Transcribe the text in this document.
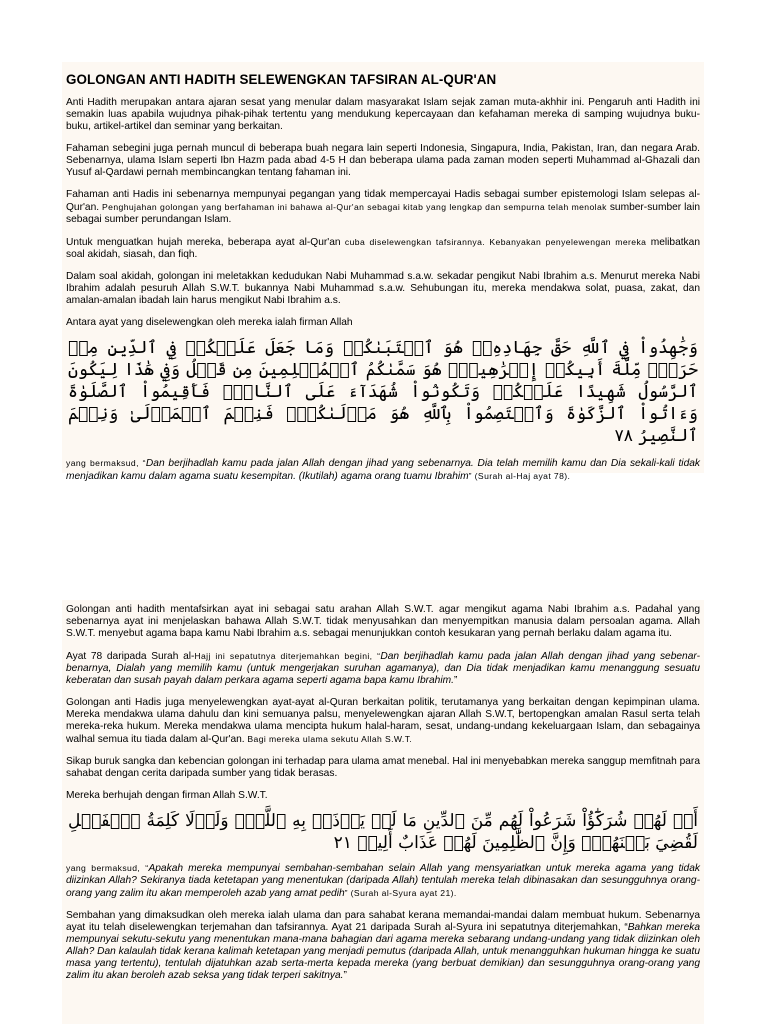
GOLONGAN ANTI HADITH SELEWENGKAN TAFSIRAN AL-QUR'AN

Anti Hadith merupakan antara ajaran sesat yang menular dalam masyarakat Islam sejak zaman muta-akhhir ini. Pengaruh anti Hadith ini semakin luas apabila wujudnya pihak-pihak tertentu yang mendukung kepercayaan dan kefahaman mereka di samping wujudnya buku-buku, artikel-artikel dan seminar yang berkaitan.

Fahaman sebegini juga pernah muncul di beberapa buah negara lain seperti Indonesia, Singapura, India, Pakistan, Iran, dan negara Arab. Sebenarnya, ulama Islam seperti Ibn Hazm pada abad 4-5 H dan beberapa ulama pada zaman moden seperti Muhammad al-Ghazali dan Yusuf al-Qardawi pernah membincangkan tentang fahaman ini.

Fahaman anti Hadis ini sebenarnya mempunyai pegangan yang tidak mempercayai Hadis sebagai sumber epistemologi Islam selepas al-Qur'an. Penghujahan golongan yang berfahaman ini bahawa al-Qur'an sebagai kitab yang lengkap dan sempurna telah menolak sumber-sumber lain sebagai sumber perundangan Islam.

Untuk menguatkan hujah mereka, beberapa ayat al-Qur'an cuba diselewengkan tafsirannya. Kebanyakan penyelewengan mereka melibatkan soal akidah, siasah, dan fiqh.

Dalam soal akidah, golongan ini meletakkan kedudukan Nabi Muhammad s.a.w. sekadar pengikut Nabi Ibrahim a.s. Menurut mereka Nabi Ibrahim adalah pesuruh Allah S.W.T. bukannya Nabi Muhammad s.a.w. Sehubungan itu, mereka mendakwa solat, puasa, zakat, dan amalan-amalan ibadah lain harus mengikut Nabi Ibrahim a.s.

Antara ayat yang diselewengkan oleh mereka ialah firman Allah

وَجَٰهِدُواْ فِي ٱللَّهِ حَقَّ جِهَادِهِۦۚ هُوَ ٱجۡتَبَىٰكُمۡ وَمَا جَعَلَ عَلَيۡكُمۡ فِي ٱلدِّينِ مِنۡ حَرَجٖۚ مِّلَّةَ أَبِيكُمۡ إِبۡرَٰهِيمَۚ هُوَ سَمَّىٰكُمُ ٱلۡمُسۡلِمِينَ مِن قَبۡلُ وَفِي هَٰذَا لِيَكُونَ ٱلرَّسُولُ شَهِيدًا عَلَيۡكُمۡ وَتَكُونُواْ شُهَدَآءَ عَلَى ٱلنَّاسِۚ فَأَقِيمُواْ ٱلصَّلَوٰةَ وَءَاتُواْ ٱلزَّكَوٰةَ وَٱعۡتَصِمُواْ بِٱللَّهِ هُوَ مَوۡلَىٰكُمۡۖ فَنِعۡمَ ٱلۡمَوۡلَىٰ وَنِعۡمَ ٱلنَّصِيرُ ٧٨

yang bermaksud, “Dan berjihadlah kamu pada jalan Allah dengan jihad yang sebenarnya. Dia telah memilih kamu dan Dia sekali-kali tidak menjadikan kamu dalam agama suatu kesempitan. (Ikutilah) agama orang tuamu Ibrahim” (Surah al-Haj ayat 78).

Golongan anti hadith mentafsirkan ayat ini sebagai satu arahan Allah S.W.T. agar mengikut agama Nabi Ibrahim a.s. Padahal yang sebenarnya ayat ini menjelaskan bahawa Allah S.W.T. tidak menyusahkan dan menyempitkan manusia dalam persoalan agama. Allah S.W.T. menyebut agama bapa kamu Nabi Ibrahim a.s. sebagai menunjukkan contoh kesukaran yang pernah berlaku dalam agama itu.

Ayat 78 daripada Surah al-Hajj ini sepatutnya diterjemahkan begini, “Dan berjihadlah kamu pada jalan Allah dengan jihad yang sebenar-benarnya, Dialah yang memilih kamu (untuk mengerjakan suruhan agamanya), dan Dia tidak menjadikan kamu menanggung sesuatu keberatan dan susah payah dalam perkara agama seperti agama bapa kamu Ibrahim.”

Golongan anti Hadis juga menyelewengkan ayat-ayat al-Quran berkaitan politik, terutamanya yang berkaitan dengan kepimpinan ulama. Mereka mendakwa ulama dahulu dan kini semuanya palsu, menyelewengkan ajaran Allah S.W.T, bertopengkan amalan Rasul serta telah mereka-reka hukum. Mereka mendakwa ulama mencipta hukum halal-haram, sesat, undang-undang kekeluargaan Islam, dan sebagainya walhal semua itu tiada dalam al-Qur'an. Bagi mereka ulama sekutu Allah S.W.T.

Sikap buruk sangka dan kebencian golongan ini terhadap para ulama amat menebal. Hal ini menyebabkan mereka sanggup memfitnah para sahabat dengan cerita daripada sumber yang tidak berasas.

Mereka berhujah dengan firman Allah S.W.T.

أَمۡ لَهُمۡ شُرَكَٰٓؤُاْ شَرَعُواْ لَهُم مِّنَ ٱلدِّينِ مَا لَمۡ يَأۡذَنۢ بِهِ ٱللَّهُۚ وَلَوۡلَا كَلِمَةُ ٱلۡفَصۡلِ لَقُضِيَ بَيۡنَهُمۡۗ وَإِنَّ ٱلظَّٰلِمِينَ لَهُمۡ عَذَابٌ أَلِيمٞ ٢١

yang bermaksud, “Apakah mereka mempunyai sembahan-sembahan selain Allah yang mensyariatkan untuk mereka agama yang tidak diizinkan Allah? Sekiranya tiada ketetapan yang menentukan (daripada Allah) tentulah mereka telah dibinasakan dan sesungguhnya orang-orang yang zalim itu akan memperoleh azab yang amat pedih” (Surah al-Syura ayat 21).

Sembahan yang dimaksudkan oleh mereka ialah ulama dan para sahabat kerana memandai-mandai dalam membuat hukum. Sebenarnya ayat itu telah diselewengkan terjemahan dan tafsirannya. Ayat 21 daripada Surah al-Syura ini sepatutnya diterjemahkan, “Bahkan mereka mempunyai sekutu-sekutu yang menentukan mana-mana bahagian dari agama mereka sebarang undang-undang yang tidak diizinkan oleh Allah? Dan kalaulah tidak kerana kalimah ketetapan yang menjadi pemutus (daripada Allah, untuk menangguhkan hukuman hingga ke suatu masa yang tertentu), tentulah dijatuhkan azab serta-merta kepada mereka (yang berbuat demikian) dan sesungguhnya orang-orang yang zalim itu akan beroleh azab seksa yang tidak terperi sakitnya.”
